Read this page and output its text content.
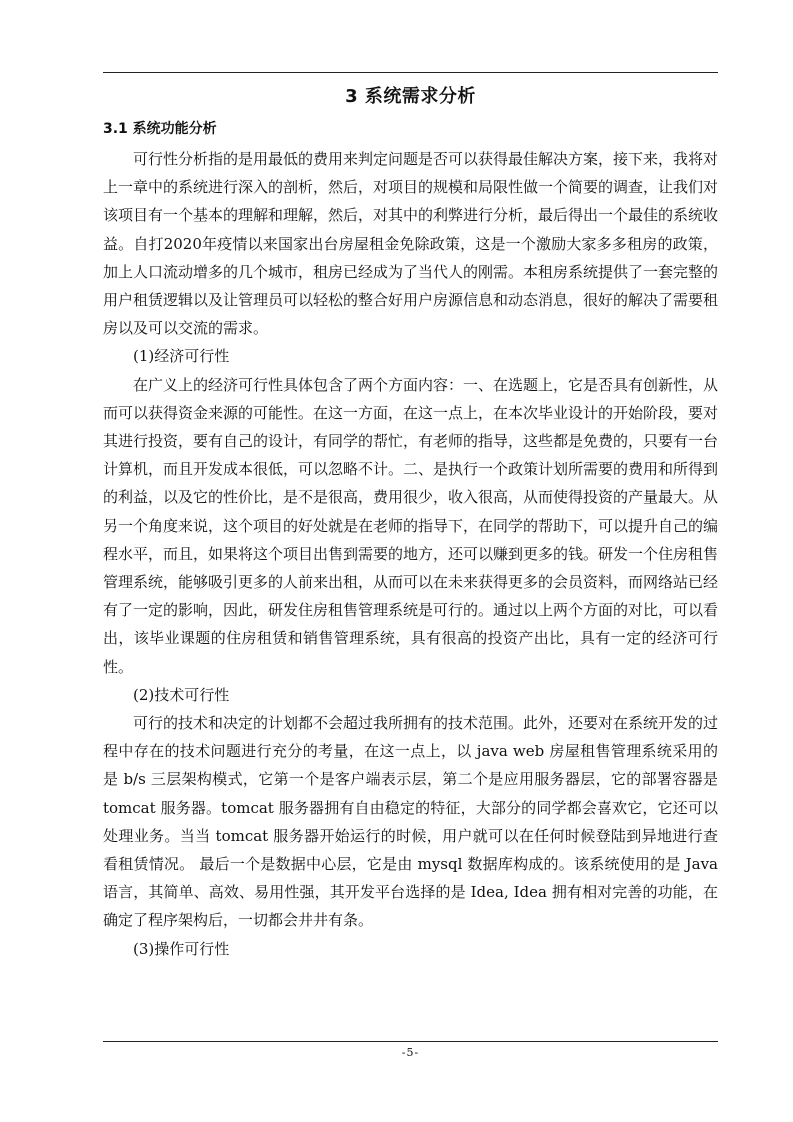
3 系统需求分析
3.1 系统功能分析

可行性分析指的是用最低的费用来判定问题是否可以获得最佳解决方案，接下来，我将对上一章中的系统进行深入的剖析，然后，对项目的规模和局限性做一个简要的调查，让我们对该项目有一个基本的理解和理解，然后，对其中的利弊进行分析，最后得出一个最佳的系统收益。自打2020年疫情以来国家出台房屋租金免除政策，这是一个激励大家多多租房的政策，加上人口流动增多的几个城市，租房已经成为了当代人的刚需。本租房系统提供了一套完整的用户租赁逻辑以及让管理员可以轻松的整合好用户房源信息和动态消息，很好的解决了需要租房以及可以交流的需求。

(1)经济可行性

在广义上的经济可行性具体包含了两个方面内容：一、在选题上，它是否具有创新性，从而可以获得资金来源的可能性。在这一方面，在这一点上，在本次毕业设计的开始阶段，要对其进行投资，要有自己的设计，有同学的帮忙，有老师的指导，这些都是免费的，只要有一台计算机，而且开发成本很低，可以忽略不计。二、是执行一个政策计划所需要的费用和所得到的利益，以及它的性价比，是不是很高，费用很少，收入很高，从而使得投资的产量最大。从另一个角度来说，这个项目的好处就是在老师的指导下，在同学的帮助下，可以提升自己的编程水平，而且，如果将这个项目出售到需要的地方，还可以赚到更多的钱。研发一个住房租售管理系统，能够吸引更多的人前来出租，从而可以在未来获得更多的会员资料，而网络站已经有了一定的影响，因此，研发住房租售管理系统是可行的。通过以上两个方面的对比，可以看出，该毕业课题的住房租赁和销售管理系统，具有很高的投资产出比，具有一定的经济可行性。

(2)技术可行性

可行的技术和决定的计划都不会超过我所拥有的技术范围。此外，还要对在系统开发的过程中存在的技术问题进行充分的考量，在这一点上，以 java web 房屋租售管理系统采用的是 b/s 三层架构模式，它第一个是客户端表示层，第二个是应用服务器层，它的部署容器是 tomcat 服务器。tomcat 服务器拥有自由稳定的特征，大部分的同学都会喜欢它，它还可以处理业务。当当 tomcat 服务器开始运行的时候，用户就可以在任何时候登陆到异地进行查看租赁情况。 最后一个是数据中心层，它是由 mysql 数据库构成的。该系统使用的是 Java 语言，其简单、高效、易用性强，其开发平台选择的是 Idea, Idea 拥有相对完善的功能，在确定了程序架构后，一切都会井井有条。

(3)操作可行性

-5-
